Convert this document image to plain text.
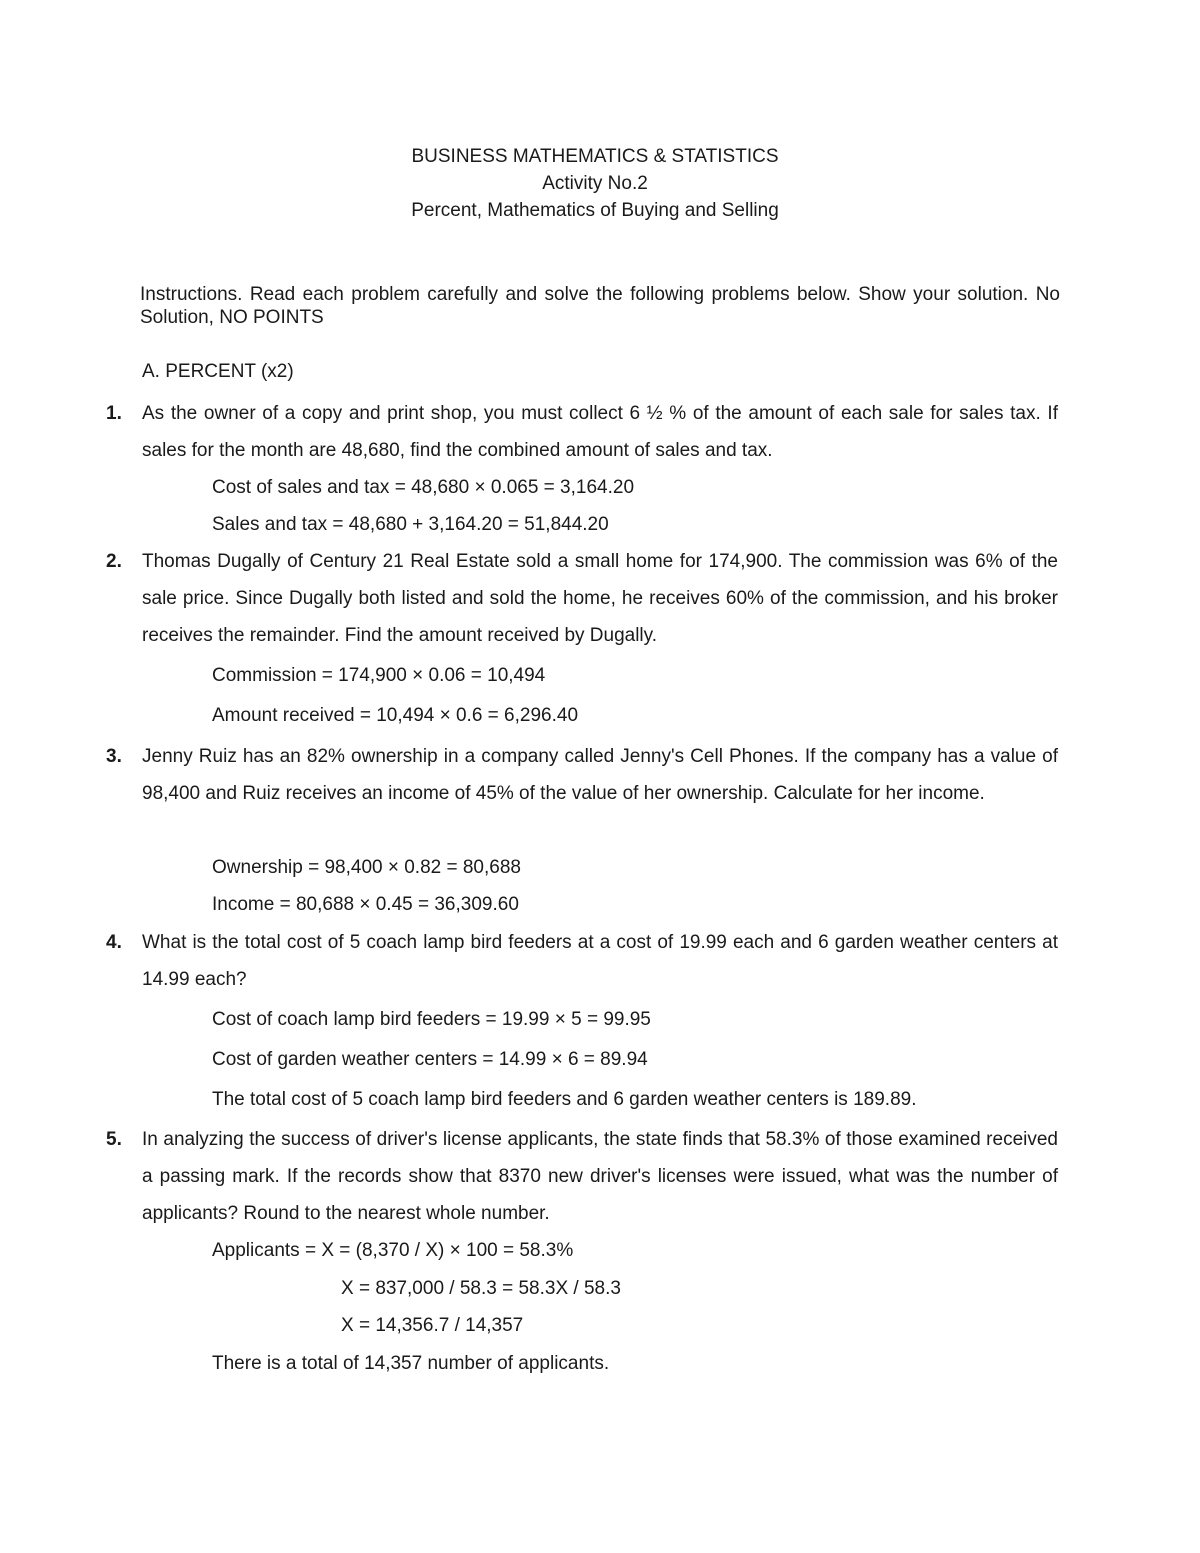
BUSINESS MATHEMATICS & STATISTICS
Activity No.2
Percent, Mathematics of Buying and Selling
Instructions. Read each problem carefully and solve the following problems below. Show your solution. No Solution, NO POINTS
A. PERCENT (x2)
1.	As the owner of a copy and print shop, you must collect 6 ½ % of the amount of each sale for sales tax. If sales for the month are 48,680, find the combined amount of sales and tax.
Cost of sales and tax = 48,680 × 0.065 = 3,164.20
Sales and tax = 48,680 + 3,164.20 = 51,844.20
2.	Thomas Dugally of Century 21 Real Estate sold a small home for 174,900. The commission was 6% of the sale price. Since Dugally both listed and sold the home, he receives 60% of the commission, and his broker receives the remainder. Find the amount received by Dugally.
Commission = 174,900 × 0.06 = 10,494
Amount received = 10,494 × 0.6 = 6,296.40
3.	Jenny Ruiz has an 82% ownership in a company called Jenny's Cell Phones. If the company has a value of 98,400 and Ruiz receives an income of 45% of the value of her ownership. Calculate for her income.
Ownership = 98,400 × 0.82 = 80,688
Income = 80,688 × 0.45 = 36,309.60
4.	What is the total cost of 5 coach lamp bird feeders at a cost of 19.99 each and 6 garden weather centers at 14.99 each?
Cost of coach lamp bird feeders = 19.99 × 5 = 99.95
Cost of garden weather centers = 14.99 × 6 = 89.94
The total cost of 5 coach lamp bird feeders and 6 garden weather centers is 189.89.
5.	In analyzing the success of driver's license applicants, the state finds that 58.3% of those examined received a passing mark. If the records show that 8370 new driver's licenses were issued, what was the number of applicants? Round to the nearest whole number.
Applicants = X = (8,370 / X) × 100 = 58.3%
X = 837,000 / 58.3 = 58.3X / 58.3
X = 14,356.7 / 14,357
There is a total of 14,357 number of applicants.
